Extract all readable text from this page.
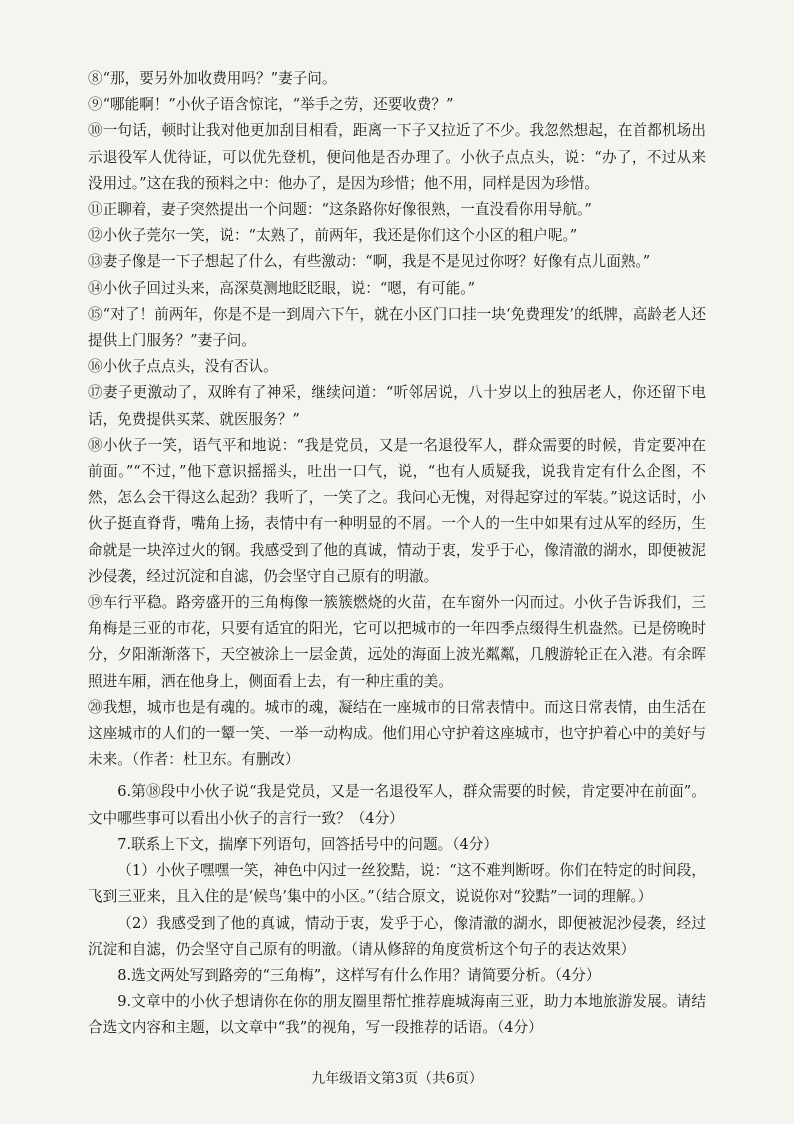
⑧“那，要另外加收费用吗？”妻子问。

⑨“哪能啊！”小伙子语含惊诧，“举手之劳，还要收费？”

⑩一句话，顿时让我对他更加刮目相看，距离一下子又拉近了不少。我忽然想起，在首都机场出示退役军人优待证，可以优先登机，便问他是否办理了。小伙子点点头，说：“办了，不过从来没用过。”这在我的预料之中：他办了，是因为珍惜；他不用，同样是因为珍惜。

⑪正聊着，妻子突然提出一个问题：“这条路你好像很熟，一直没看你用导航。”

⑫小伙子莞尔一笑，说：“太熟了，前两年，我还是你们这个小区的租户呢。”

⑬妻子像是一下子想起了什么，有些激动：“啊，我是不是见过你呀？好像有点儿面熟。”

⑭小伙子回过头来，高深莫测地眨眨眼，说：“嗯，有可能。”

⑮“对了！前两年，你是不是一到周六下午，就在小区门口挂一块‘免费理发’的纸牌，高龄老人还提供上门服务？”妻子问。

⑯小伙子点点头，没有否认。

⑰妻子更激动了，双眸有了神采，继续问道：“听邻居说，八十岁以上的独居老人，你还留下电话，免费提供买菜、就医服务？”

⑱小伙子一笑，语气平和地说：“我是党员，又是一名退役军人，群众需要的时候，肯定要冲在前面。”“不过，”他下意识摇摇头，吐出一口气，说，“也有人质疑我，说我肯定有什么企图，不然，怎么会干得这么起劲？我听了，一笑了之。我问心无愧，对得起穿过的军装。”说这话时，小伙子挺直脊背，嘴角上扬，表情中有一种明显的不屑。一个人的一生中如果有过从军的经历，生命就是一块淬过火的钢。我感受到了他的真诚，情动于衷，发乎于心，像清澈的湖水，即便被泥沙侵袭，经过沉淀和自滤，仍会坚守自己原有的明澈。

⑲车行平稳。路旁盛开的三角梅像一簇簇燃烧的火苗，在车窗外一闪而过。小伙子告诉我们，三角梅是三亚的市花，只要有适宜的阳光，它可以把城市的一年四季点缀得生机盎然。已是傍晚时分，夕阳渐渐落下，天空被涂上一层金黄，远处的海面上波光粼粼，几艘游轮正在入港。有余晖照进车厢，洒在他身上，侧面看上去，有一种庄重的美。

⑳我想，城市也是有魂的。城市的魂，凝结在一座城市的日常表情中。而这日常表情，由生活在这座城市的人们的一颦一笑、一举一动构成。他们用心守护着这座城市，也守护着心中的美好与未来。（作者：杜卫东。有删改）

6.第⑱段中小伙子说“我是党员，又是一名退役军人，群众需要的时候，肯定要冲在前面”。文中哪些事可以看出小伙子的言行一致？（4分）

7.联系上下文，揣摩下列语句，回答括号中的问题。（4分）

（1）小伙子嘿嘿一笑，神色中闪过一丝狡黠，说：“这不难判断呀。你们在特定的时间段，飞到三亚来，且入住的是‘候鸟’集中的小区。”（结合原文，说说你对“狡黠”一词的理解。）

（2）我感受到了他的真诚，情动于衷，发乎于心，像清澈的湖水，即便被泥沙侵袭，经过沉淀和自滤，仍会坚守自己原有的明澈。（请从修辞的角度赏析这个句子的表达效果）

8.选文两处写到路旁的“三角梅”，这样写有什么作用？请简要分析。（4分）

9.文章中的小伙子想请你在你的朋友圈里帮忙推荐鹿城海南三亚，助力本地旅游发展。请结合选文内容和主题，以文章中“我”的视角，写一段推荐的话语。（4分）

九年级语文第3页（共6页）
